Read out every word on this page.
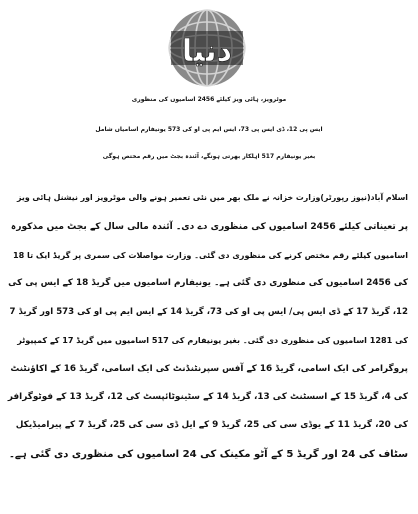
دنیا
موٹرویز، ہائی ویز کیلئے 2456 اسامیوں کی منظوری
ایس پی 12، ڈی ایس پی 73، ایس ایم پی او کی 573 یونیفارم اسامیاں شامل
بغیر یونیفارم 517 اہلکار بھرتی ہونگے، آئندہ بجٹ میں رقم مختص ہوگی
اسلام آباد(نیوز رپورٹر)وزارت خزانہ نے ملک بھر میں نئی تعمیر ہونے والی موٹرویز اور نیشنل ہائی ویز
پر تعیناتی کیلئے 2456 اسامیوں کی منظوری دے دی۔ آئندہ مالی سال کے بجٹ میں مذکورہ
اسامیوں کیلئے رقم مختص کرنے کی منظوری دی گئی۔ وزارت مواصلات کی سمری پر گریڈ ایک تا 18
کی 2456 اسامیوں کی منظوری دی گئی ہے۔ یونیفارم اسامیوں میں گریڈ 18 کے ایس پی کی
12، گریڈ 17 کے ڈی ایس پی/ ایس پی او کی 73، گریڈ 14 کے ایس ایم پی او کی 573 اور گریڈ 7
کی 1281 اسامیوں کی منظوری دی گئی۔ بغیر یونیفارم کی 517 اسامیوں میں گریڈ 17 کے کمپیوٹر
پروگرامر کی ایک اسامی، گریڈ 16 کے آفس سپرنٹنڈنٹ کی ایک اسامی، گریڈ 16 کے اکاؤنٹنٹ
کی 4، گریڈ 15 کے اسسٹنٹ کی 13، گریڈ 14 کے سٹینوٹائپسٹ کی 12، گریڈ 13 کے فوٹوگرافر
کی 20، گریڈ 11 کے یوڈی سی کی 25، گریڈ 9 کے ایل ڈی سی کی 25، گریڈ 7 کے پیرامیڈیکل
سٹاف کی 24 اور گریڈ 5 کے آٹو مکینک کی 24 اسامیوں کی منظوری دی گئی ہے۔
